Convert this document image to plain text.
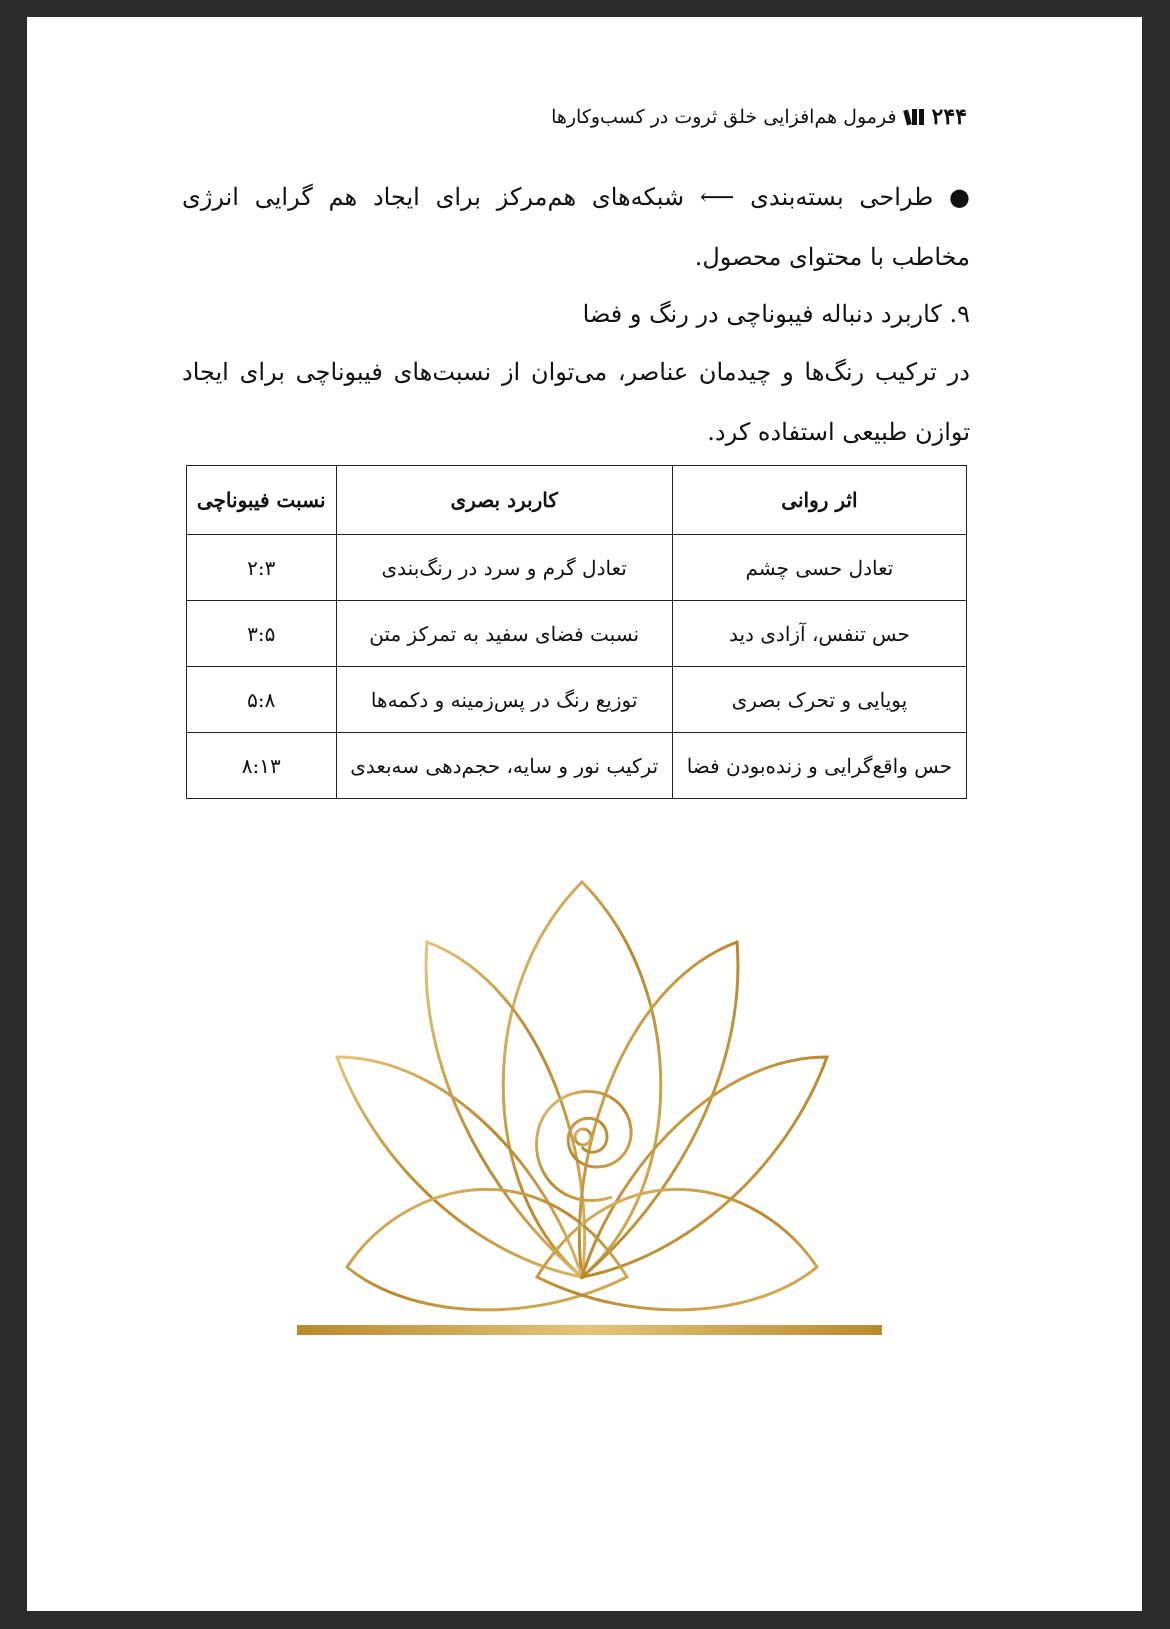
۲۴۴
فرمول هم‌افزایی خلق ثروت در کسب‌وکارها
● طراحی بسته‌بندی ⟵ شبکه‌های هم‌مرکز برای ایجاد هم گرایی انرژی مخاطب با محتوای محصول.
۹. کاربرد دنباله فیبوناچی در رنگ و فضا
در ترکیب رنگ‌ها و چیدمان عناصر، می‌توان از نسبت‌های فیبوناچی برای ایجاد توازن طبیعی استفاده کرد.
اثر روانی	کاربرد بصری	نسبت فیبوناچی
تعادل حسی چشم	تعادل گرم و سرد در رنگ‌بندی	۲:۳
حس تنفس، آزادی دید	نسبت فضای سفید به تمرکز متن	۳:۵
پویایی و تحرک بصری	توزیع رنگ در پس‌زمینه و دکمه‌ها	۵:۸
حس واقع‌گرایی و زنده‌بودن فضا	ترکیب نور و سایه، حجم‌دهی سه‌بعدی	۸:۱۳
